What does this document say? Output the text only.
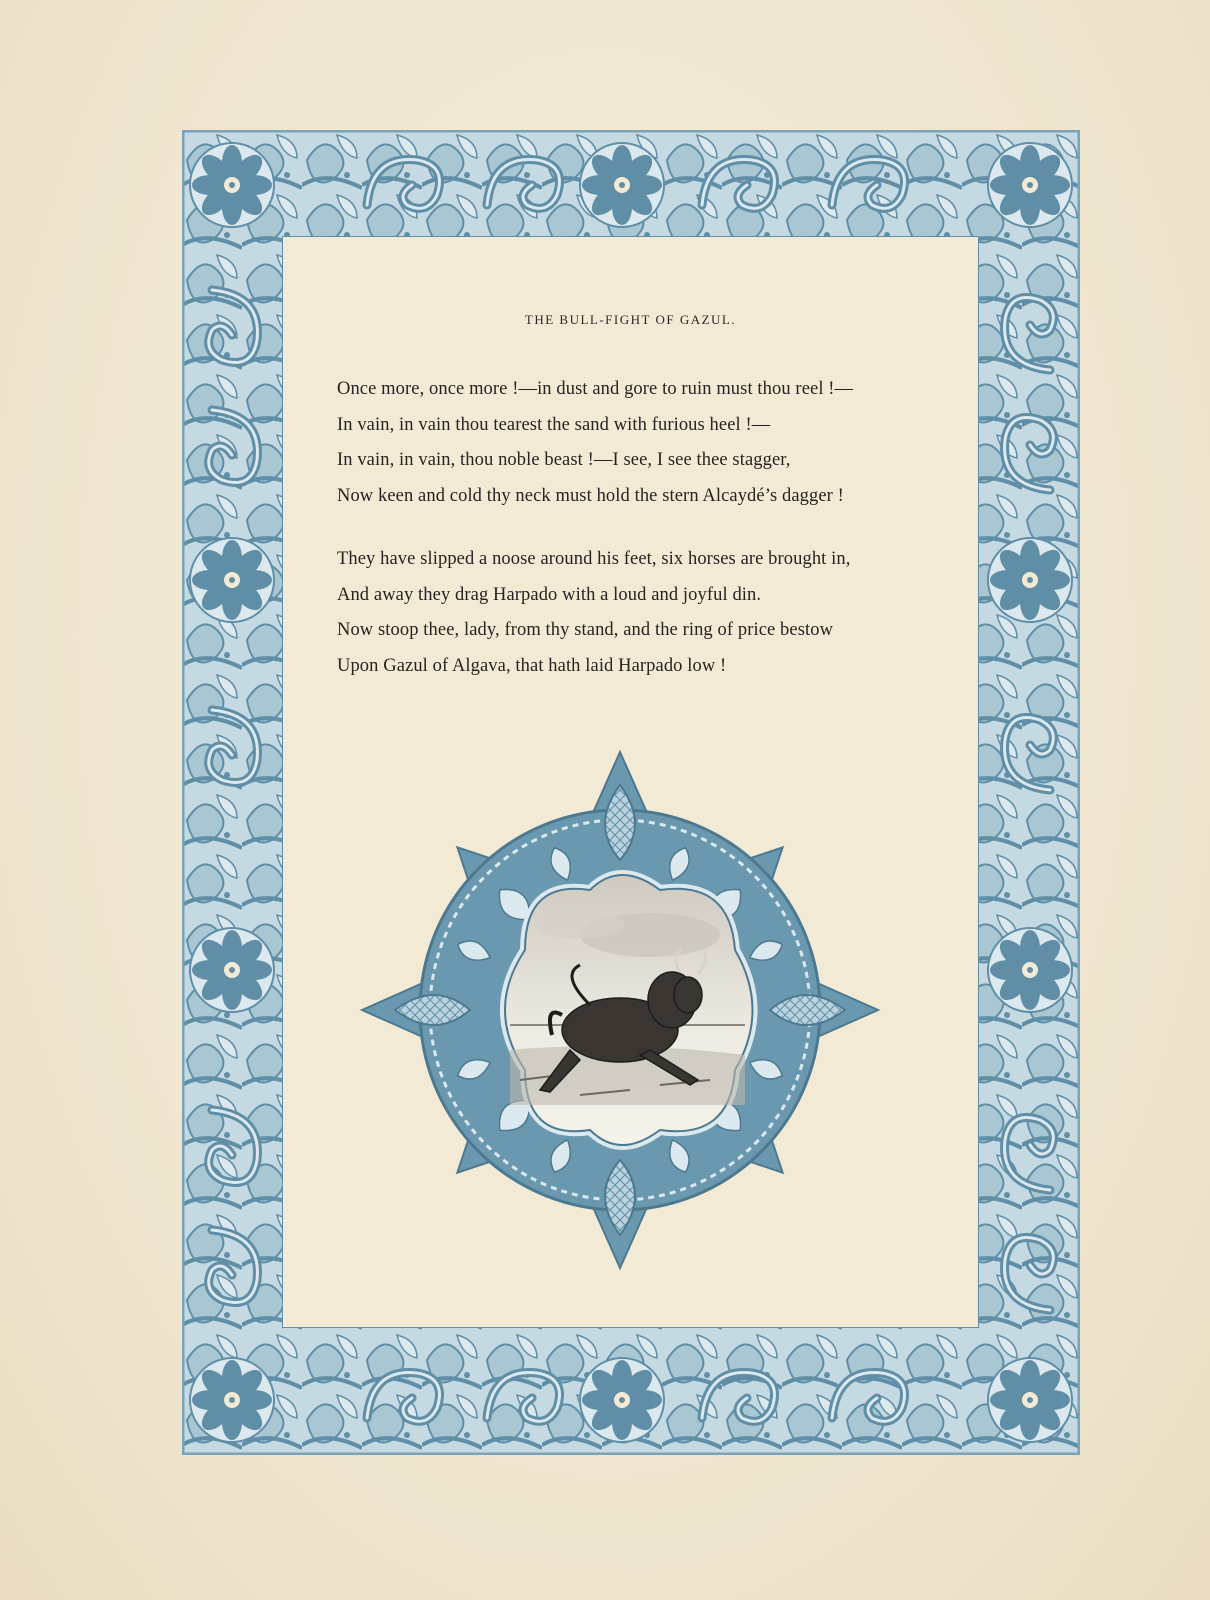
THE BULL-FIGHT OF GAZUL.
Once more, once more !—in dust and gore to ruin must thou reel !—
In vain, in vain thou tearest the sand with furious heel !—
In vain, in vain, thou noble beast !—I see, I see thee stagger,
Now keen and cold thy neck must hold the stern Alcaydé’s dagger !
They have slipped a noose around his feet, six horses are brought in,
And away they drag Harpado with a loud and joyful din.
Now stoop thee, lady, from thy stand, and the ring of price bestow
Upon Gazul of Algava, that hath laid Harpado low !
